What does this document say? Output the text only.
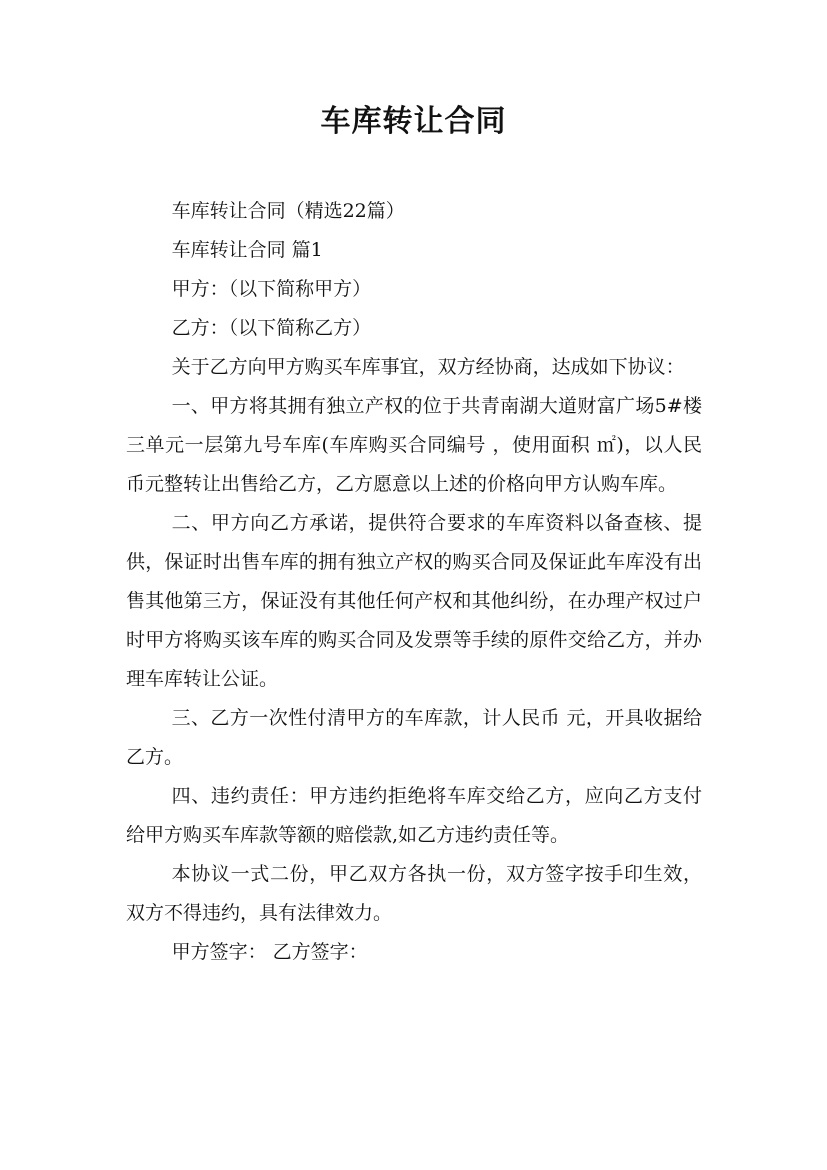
车库转让合同

车库转让合同（精选22篇）

车库转让合同 篇1

甲方：（以下简称甲方）

乙方：（以下简称乙方）

关于乙方向甲方购买车库事宜，双方经协商，达成如下协议：

一、甲方将其拥有独立产权的位于共青南湖大道财富广场5#楼三单元一层第九号车库(车库购买合同编号 ，使用面积 ㎡)，以人民币元整转让出售给乙方，乙方愿意以上述的价格向甲方认购车库。

二、甲方向乙方承诺，提供符合要求的车库资料以备查核、提供，保证时出售车库的拥有独立产权的购买合同及保证此车库没有出售其他第三方，保证没有其他任何产权和其他纠纷，在办理产权过户时甲方将购买该车库的购买合同及发票等手续的原件交给乙方，并办理车库转让公证。

三、乙方一次性付清甲方的车库款，计人民币 元，开具收据给乙方。

四、违约责任：甲方违约拒绝将车库交给乙方，应向乙方支付给甲方购买车库款等额的赔偿款,如乙方违约责任等。

本协议一式二份，甲乙双方各执一份，双方签字按手印生效，双方不得违约，具有法律效力。

甲方签字： 乙方签字：
